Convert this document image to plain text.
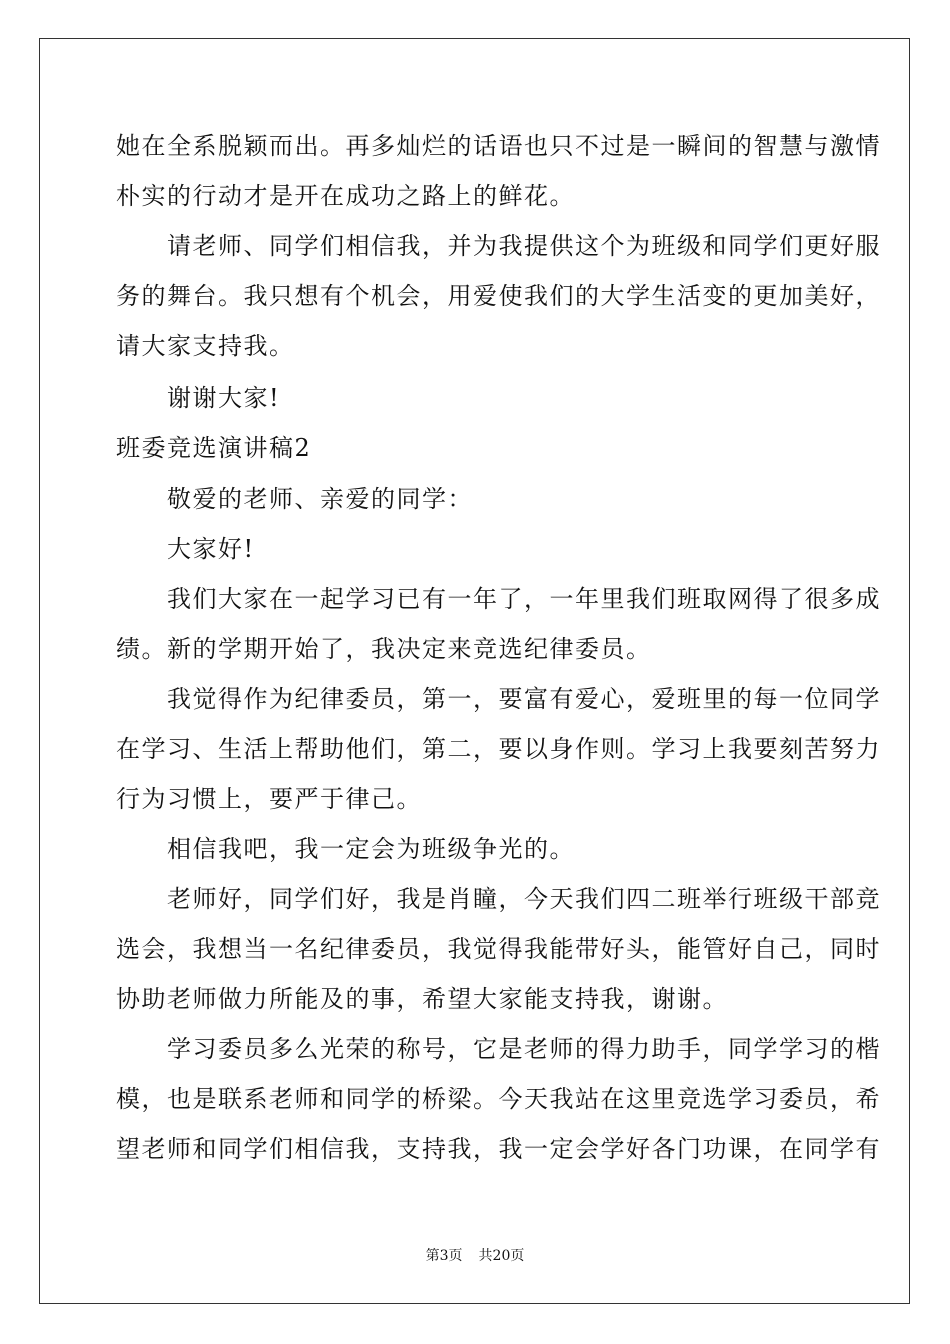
她在全系脱颖而出。再多灿烂的话语也只不过是一瞬间的智慧与激情
朴实的行动才是开在成功之路上的鲜花。
　　请老师、同学们相信我，并为我提供这个为班级和同学们更好服
务的舞台。我只想有个机会，用爱使我们的大学生活变的更加美好，
请大家支持我。
　　谢谢大家!
班委竞选演讲稿2
　　敬爱的老师、亲爱的同学：
　　大家好!
　　我们大家在一起学习已有一年了，一年里我们班取网得了很多成
绩。新的学期开始了，我决定来竞选纪律委员。
　　我觉得作为纪律委员，第一，要富有爱心，爱班里的每一位同学
在学习、生活上帮助他们，第二，要以身作则。学习上我要刻苦努力
行为习惯上，要严于律己。
　　相信我吧，我一定会为班级争光的。
　　老师好，同学们好，我是肖瞳，今天我们四二班举行班级干部竞
选会，我想当一名纪律委员，我觉得我能带好头，能管好自己，同时
协助老师做力所能及的事，希望大家能支持我，谢谢。
　　学习委员多么光荣的称号，它是老师的得力助手，同学学习的楷
模，也是联系老师和同学的桥梁。今天我站在这里竞选学习委员，希
望老师和同学们相信我，支持我，我一定会学好各门功课，在同学有
第3页 共20页
